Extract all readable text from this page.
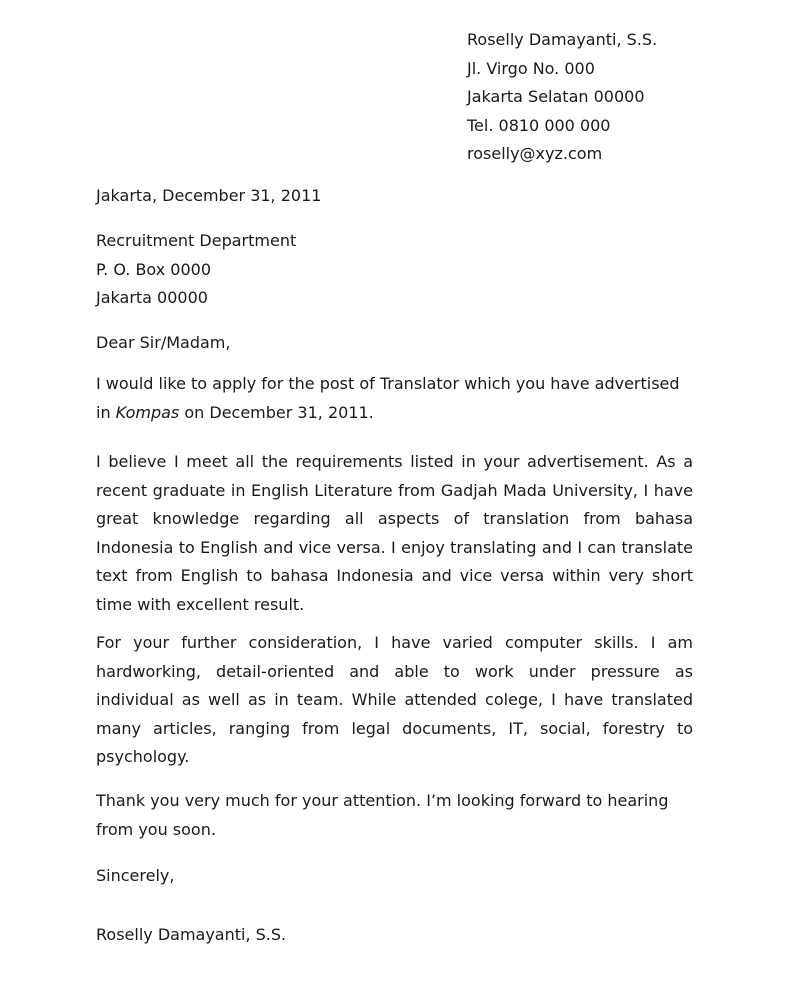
Roselly Damayanti, S.S.
Jl. Virgo No. 000
Jakarta Selatan 00000
Tel. 0810 000 000
roselly@xyz.com
Jakarta, December 31, 2011
Recruitment Department
P. O. Box 0000
Jakarta 00000
Dear Sir/Madam,

I would like to apply for the post of Translator which you have advertised in Kompas on December 31, 2011.

I believe I meet all the requirements listed in your advertisement. As a recent graduate in English Literature from Gadjah Mada University, I have great knowledge regarding all aspects of translation from bahasa Indonesia to English and vice versa. I enjoy translating and I can translate text from English to bahasa Indonesia and vice versa within very short time with excellent result.

For your further consideration, I have varied computer skills. I am hardworking, detail-oriented and able to work under pressure as individual as well as in team. While attended colege, I have translated many articles, ranging from legal documents, IT, social, forestry to psychology.

Thank you very much for your attention. I’m looking forward to hearing from you soon.

Sincerely,
Roselly Damayanti, S.S.
